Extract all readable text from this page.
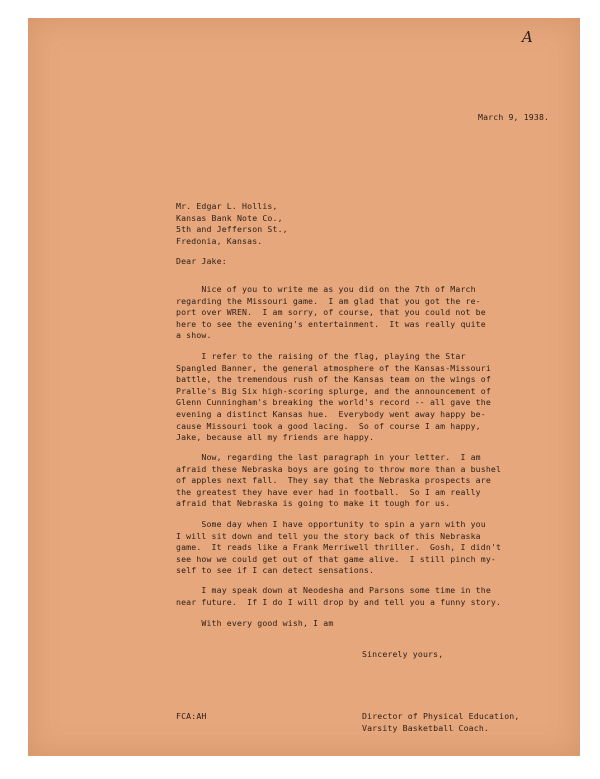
A

March 9, 1938.

Mr. Edgar L. Hollis,
Kansas Bank Note Co.,
5th and Jefferson St.,
Fredonia, Kansas.

Dear Jake:

Nice of you to write me as you did on the 7th of March
regarding the Missouri game.  I am glad that you got the re-
port over WREN.  I am sorry, of course, that you could not be
here to see the evening's entertainment.  It was really quite
a show.

I refer to the raising of the flag, playing the Star
Spangled Banner, the general atmosphere of the Kansas-Missouri
battle, the tremendous rush of the Kansas team on the wings of
Pralle's Big Six high-scoring splurge, and the announcement of
Glenn Cunningham's breaking the world's record -- all gave the
evening a distinct Kansas hue.  Everybody went away happy be-
cause Missouri took a good lacing.  So of course I am happy,
Jake, because all my friends are happy.

Now, regarding the last paragraph in your letter.  I am
afraid these Nebraska boys are going to throw more than a bushel
of apples next fall.  They say that the Nebraska prospects are
the greatest they have ever had in football.  So I am really
afraid that Nebraska is going to make it tough for us.

Some day when I have opportunity to spin a yarn with you
I will sit down and tell you the story back of this Nebraska
game.  It reads like a Frank Merriwell thriller.  Gosh, I didn't
see how we could get out of that game alive.  I still pinch my-
self to see if I can detect sensations.

I may speak down at Neodesha and Parsons some time in the
near future.  If I do I will drop by and tell you a funny story.

With every good wish, I am

Sincerely yours,

FCA:AH	Director of Physical Education,
Varsity Basketball Coach.
